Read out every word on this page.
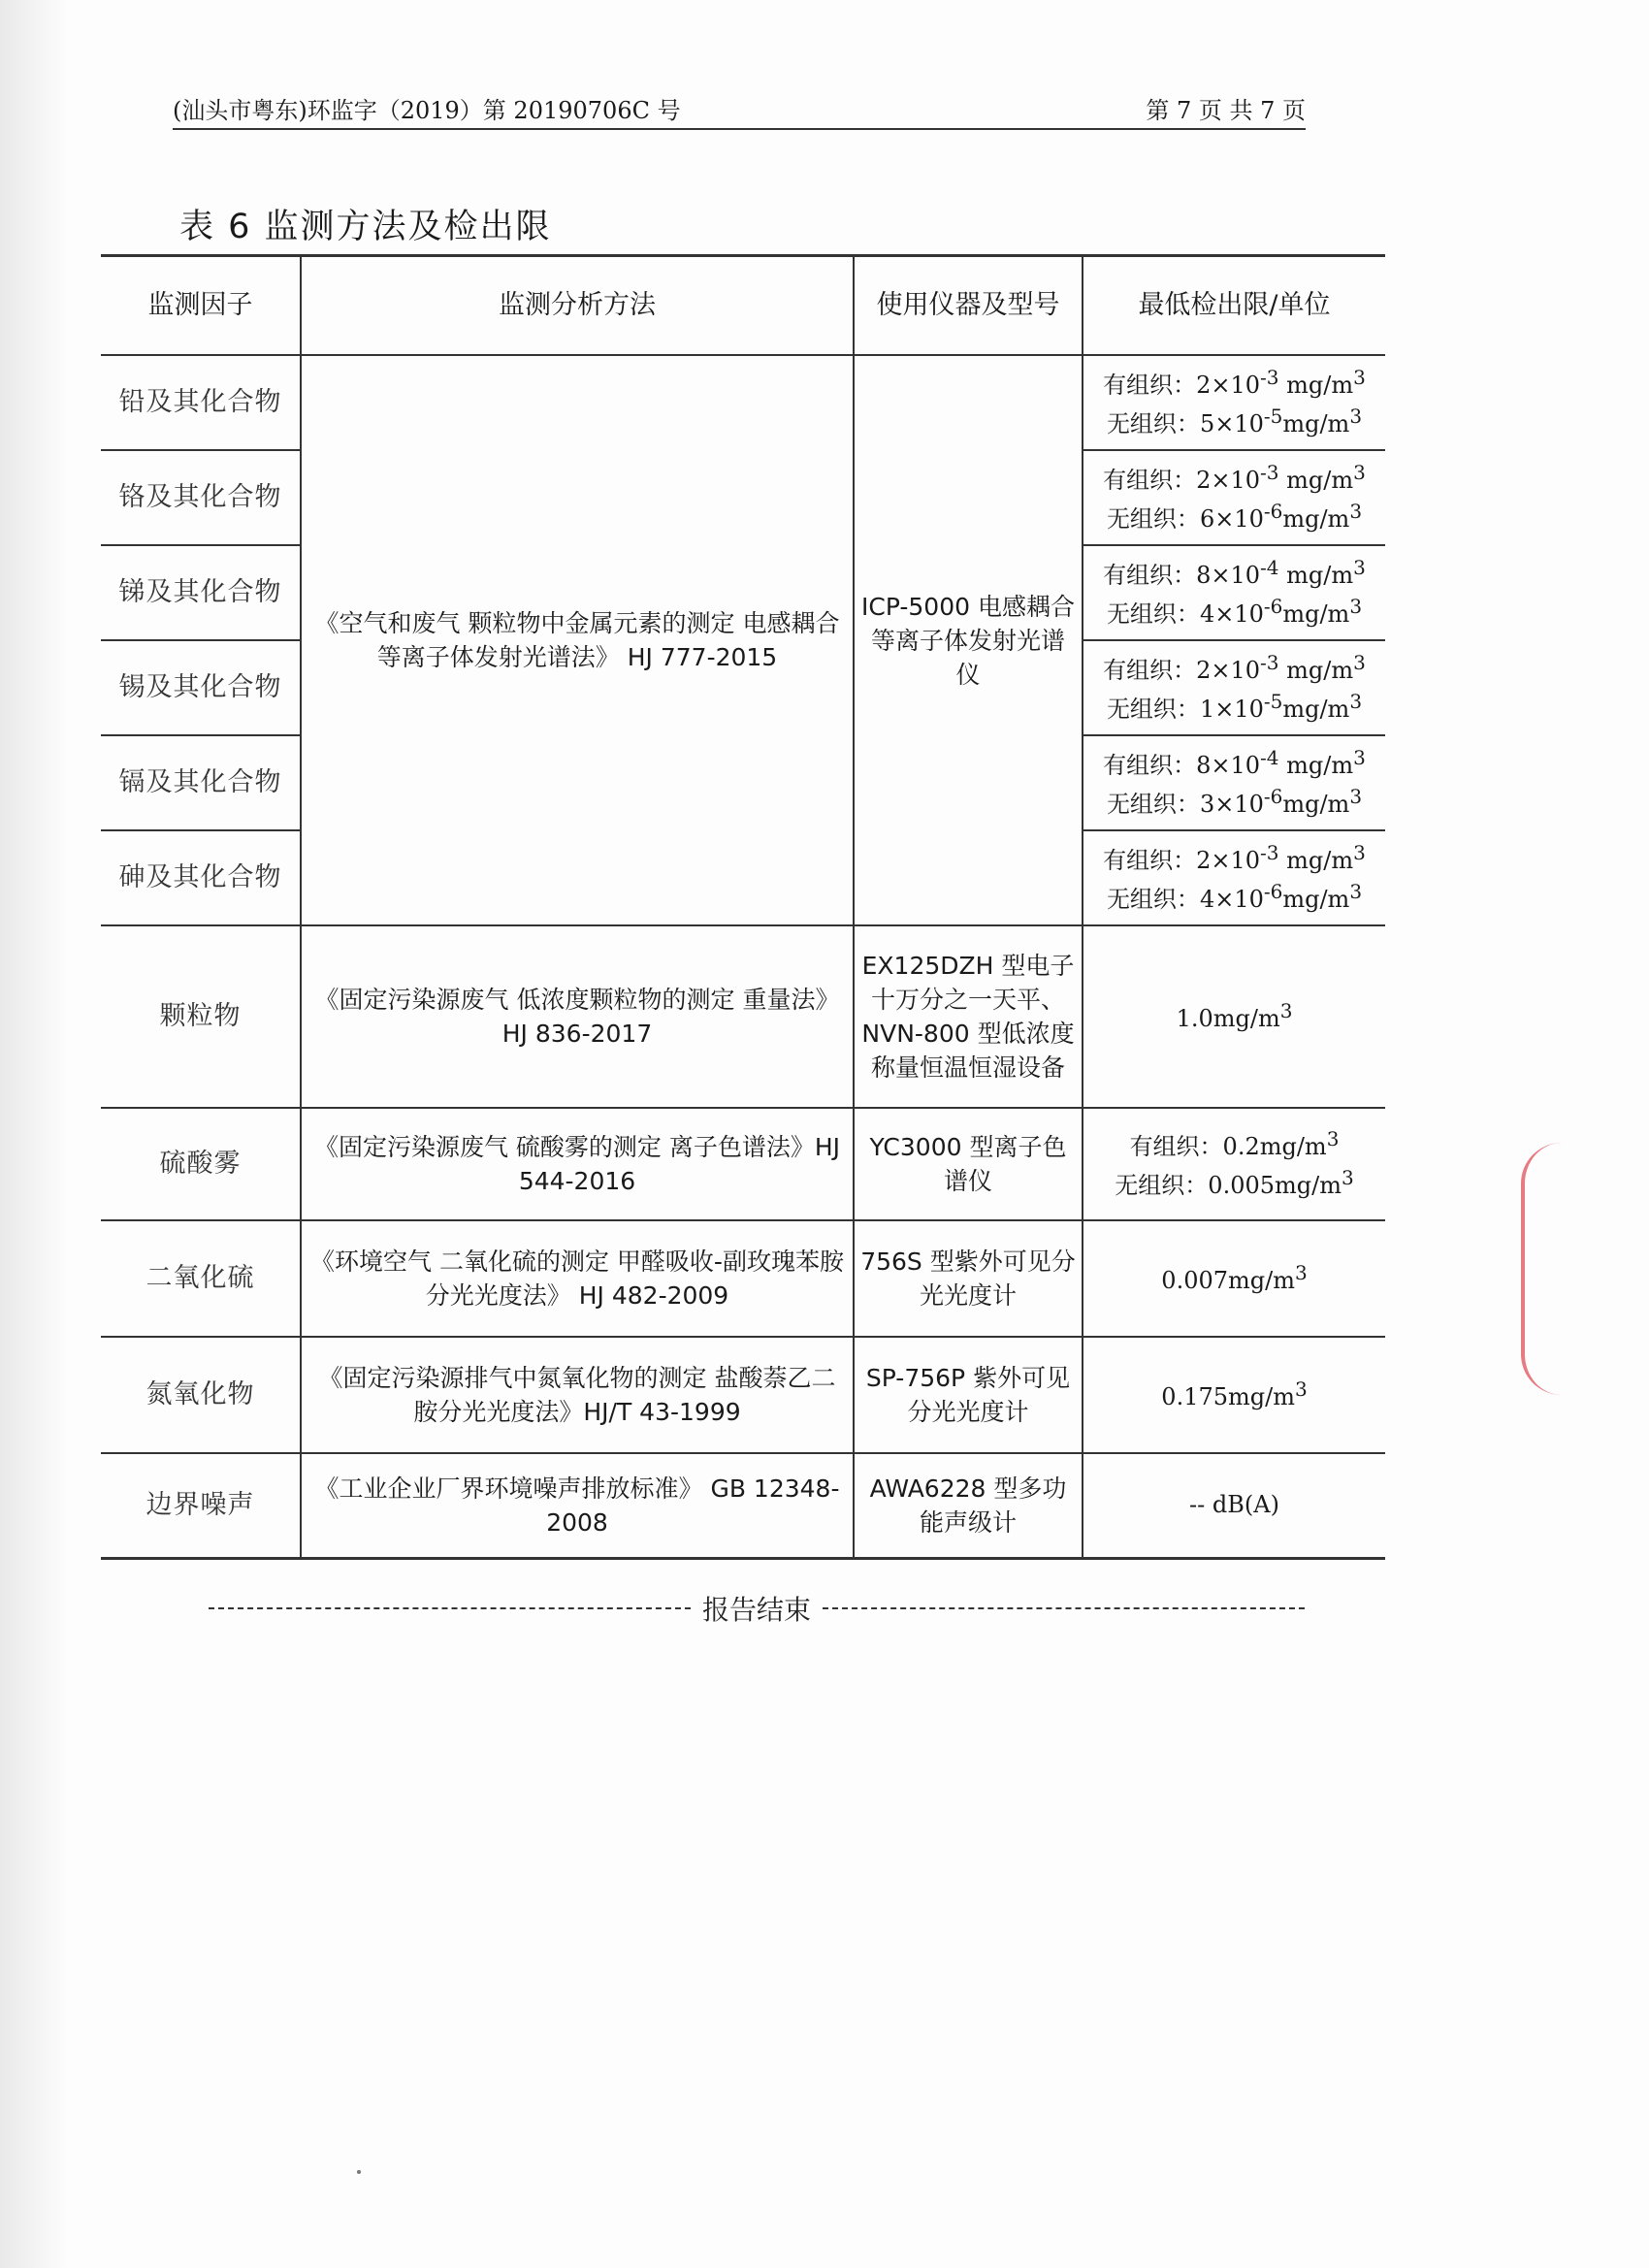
(汕头市粤东)环监字（2019）第 20190706C 号	第 7 页 共 7 页
表 6 监测方法及检出限
监测因子	监测分析方法	使用仪器及型号	最低检出限/单位
铅及其化合物	《空气和废气 颗粒物中金属元素的测定 电感耦合等离子体发射光谱法》 HJ 777-2015	ICP-5000 电感耦合等离子体发射光谱仪	有组织：$2\times 10^{-3}$ $mg/m^3$
无组织：$5\times 10^{-5}mg/m^3$

铬及其化合物			有组织：$2\times 10^{-3}$ $mg/m^3$
无组织：$6\times 10^{-6}mg/m^3$

锑及其化合物			有组织：$8\times 10^{-4}$ $mg/m^3$
无组织：$4\times 10^{-6}mg/m^3$

锡及其化合物			有组织：$2\times 10^{-3}$ $mg/m^3$
无组织：$1\times 10^{-5}mg/m^3$

镉及其化合物			有组织：$8\times 10^{-4}$ $mg/m^3$
无组织：$3\times 10^{-6}mg/m^3$

砷及其化合物			有组织：$2\times 10^{-3}$ $mg/m^3$
无组织：$4\times 10^{-6}mg/m^3$

颗粒物	《固定污染源废气 低浓度颗粒物的测定 重量法》HJ 836-2017	EX125DZH 型电子十万分之一天平、NVN-800 型低浓度称量恒温恒湿设备	$1.0mg/m^3$
硫酸雾	《固定污染源废气 硫酸雾的测定 离子色谱法》HJ 544-2016	YC3000 型离子色谱仪	有组织：$0.2mg/m^3$
无组织：$0.005mg/m^3$

二氧化硫	《环境空气 二氧化硫的测定 甲醛吸收-副玫瑰苯胺分光光度法》 HJ 482-2009	756S 型紫外可见分光光度计	$0.007mg/m^3$
氮氧化物	《固定污染源排气中氮氧化物的测定 盐酸萘乙二胺分光光度法》HJ/T 43-1999	SP-756P 紫外可见分光光度计	$0.175mg/m^3$
边界噪声	《工业企业厂界环境噪声排放标准》 GB 12348-2008	AWA6228 型多功能声级计	-- dB(A)
报告结束
